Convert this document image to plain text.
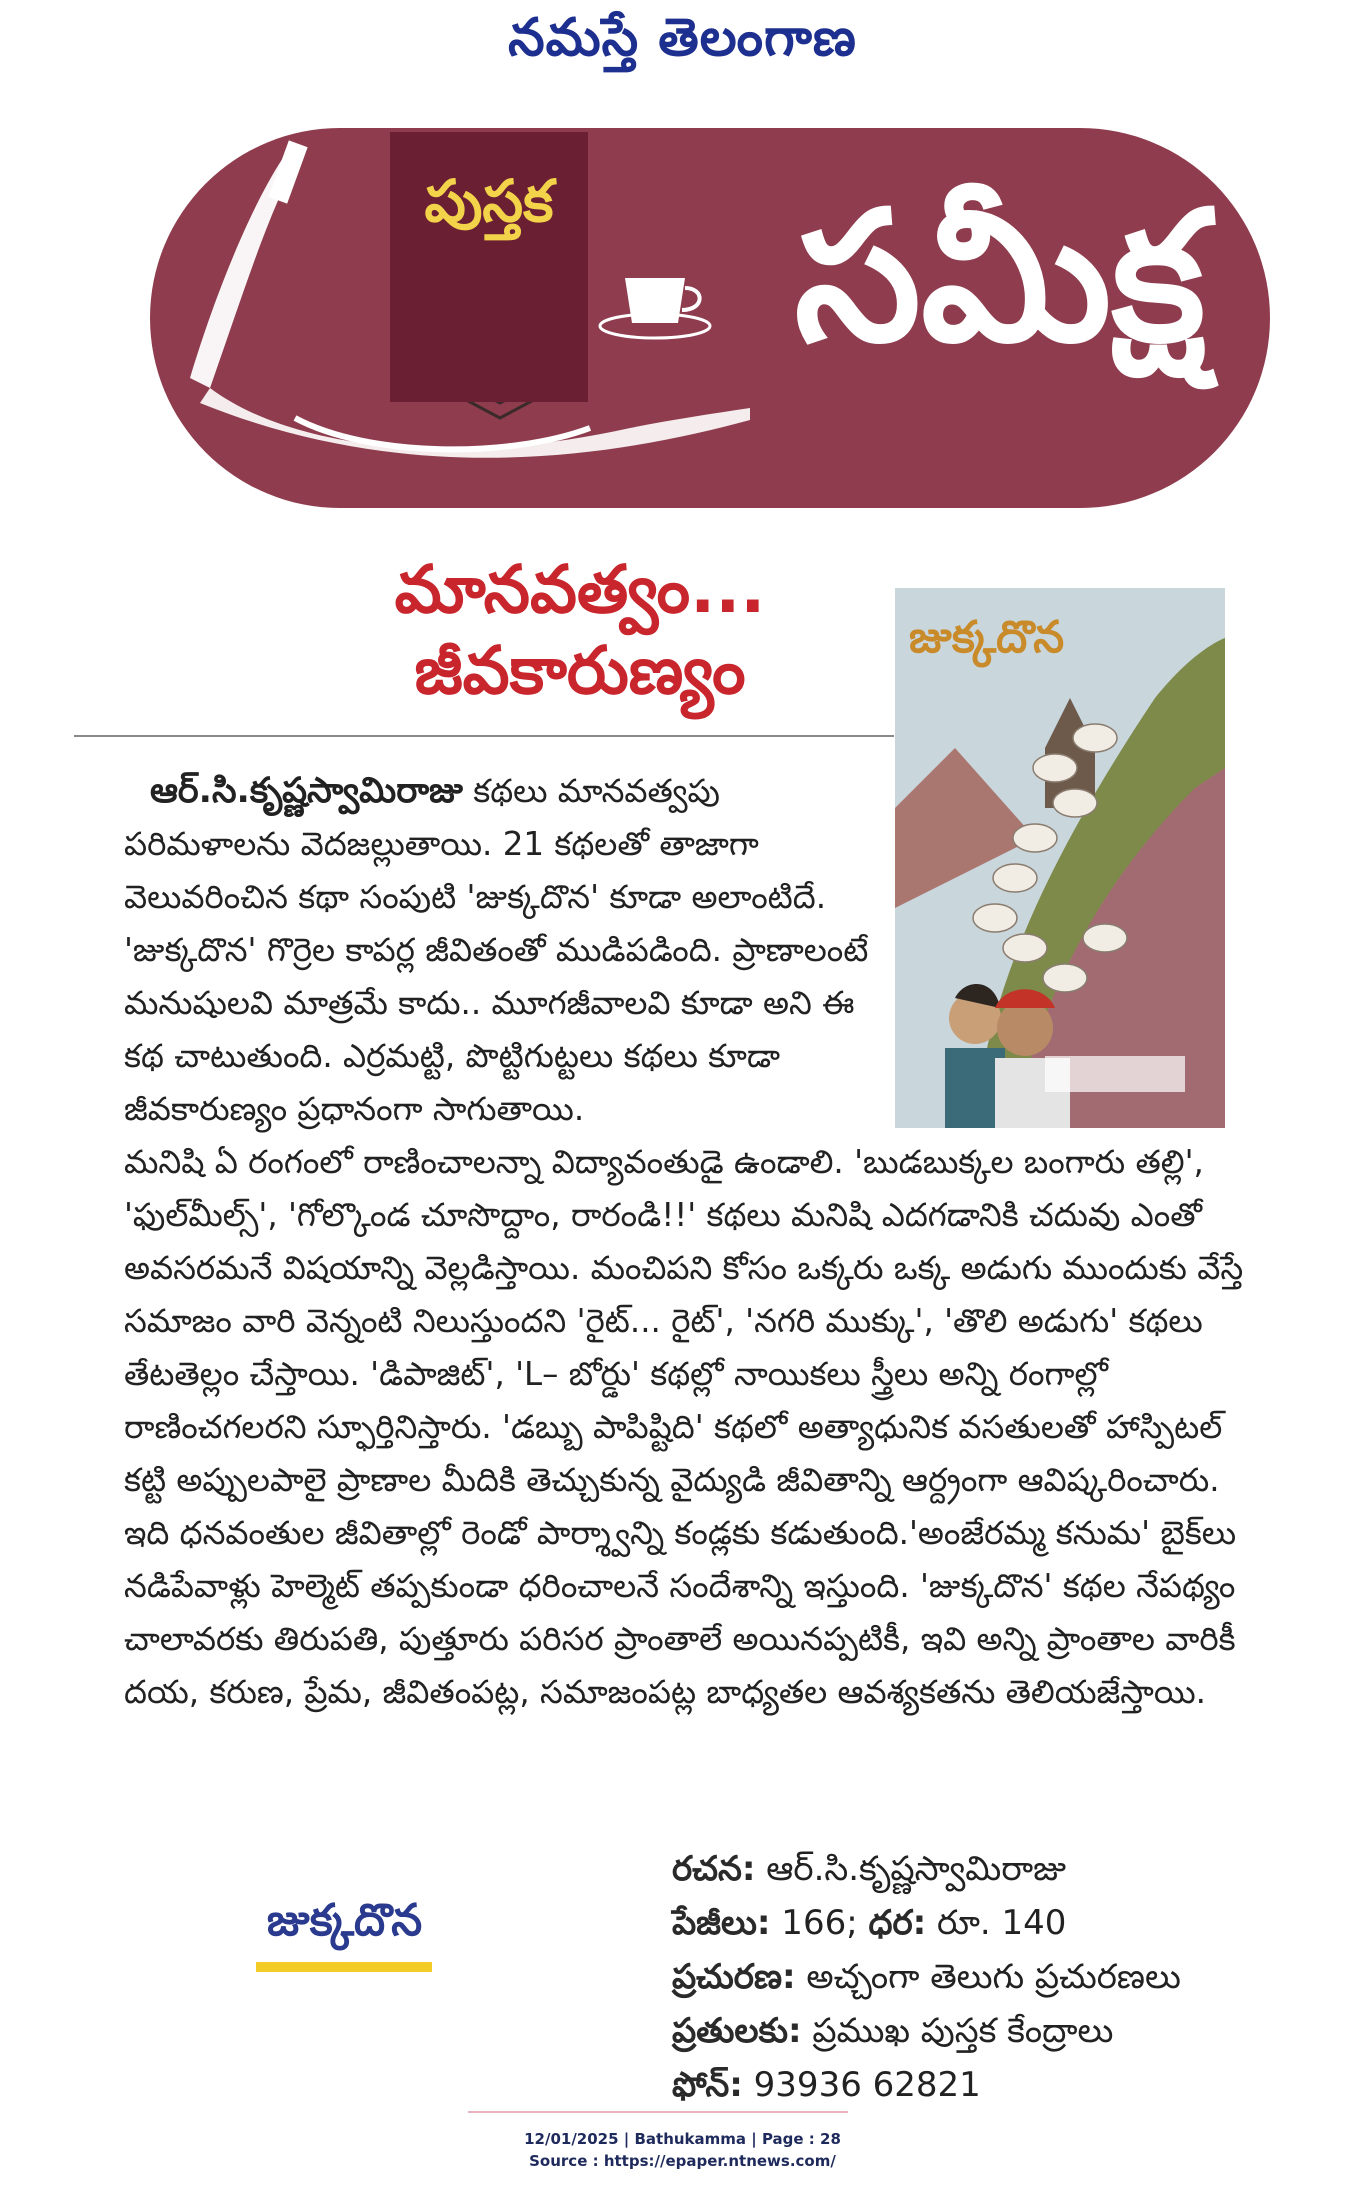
నమస్తే తెలంగాణ
పుస్తక సమీక్ష
మానవత్వం...
జీవకారుణ్యం	జుక్కదొన

ఆర్.సి.కృష్ణస్వామిరాజు కథలు మానవత్వపు పరిమళాలను వెదజల్లుతాయి. 21 కథలతో తాజాగా వెలువరించిన కథా సంపుటి 'జుక్కదొన' కూడా అలాంటిదే. 'జుక్కదొన' గొర్రెల కాపర్ల జీవితంతో ముడిపడింది. ప్రాణాలంటే మనుషులవి మాత్రమే కాదు.. మూగజీవాలవి కూడా అని ఈ కథ చాటుతుంది. ఎర్రమట్టి, పొట్టిగుట్టలు కథలు కూడా జీవకారుణ్యం ప్రధానంగా సాగుతాయి.

మనిషి ఏ రంగంలో రాణించాలన్నా విద్యావంతుడై ఉండాలి. 'బుడబుక్కల బంగారు తల్లి', 'ఫుల్‌మీల్స్', 'గోల్కొండ చూసొద్దాం, రారండి!!' కథలు మనిషి ఎదగడానికి చదువు ఎంతో అవసరమనే విషయాన్ని వెల్లడిస్తాయి. మంచిపని కోసం ఒక్కరు ఒక్క అడుగు ముందుకు వేస్తే సమాజం వారి వెన్నంటి నిలుస్తుందని 'రైట్... రైట్', 'నగరి ముక్కు', 'తొలి అడుగు' కథలు తేటతెల్లం చేస్తాయి. 'డిపాజిట్', 'L– బోర్డు' కథల్లో నాయికలు స్త్రీలు అన్ని రంగాల్లో రాణించగలరని స్ఫూర్తినిస్తారు. 'డబ్బు పాపిష్టిది' కథలో అత్యాధునిక వసతులతో హాస్పిటల్ కట్టి అప్పులపాలై ప్రాణాల మీదికి తెచ్చుకున్న వైద్యుడి జీవితాన్ని ఆర్ద్రంగా ఆవిష్కరించారు. ఇది ధనవంతుల జీవితాల్లో రెండో పార్శ్వాన్ని కండ్లకు కడుతుంది.'అంజేరమ్మ కనుమ' బైక్‌లు నడిపేవాళ్లు హెల్మెట్ తప్పకుండా ధరించాలనే సందేశాన్ని ఇస్తుంది. 'జుక్కదొన' కథల నేపథ్యం చాలావరకు తిరుపతి, పుత్తూరు పరిసర ప్రాంతాలే అయినప్పటికీ, ఇవి అన్ని ప్రాంతాల వారికీ దయ, కరుణ, ప్రేమ, జీవితంపట్ల, సమాజంపట్ల బాధ్యతల ఆవశ్యకతను తెలియజేస్తాయి.

జుక్కదొన
రచన: ఆర్.సి.కృష్ణస్వామిరాజు
పేజీలు: 166; ధర: రూ. 140
ప్రచురణ: అచ్చంగా తెలుగు ప్రచురణలు
ప్రతులకు: ప్రముఖ పుస్తక కేంద్రాలు
ఫోన్: 93936 62821
12/01/2025 | Bathukamma | Page : 28
Source : https://epaper.ntnews.com/
